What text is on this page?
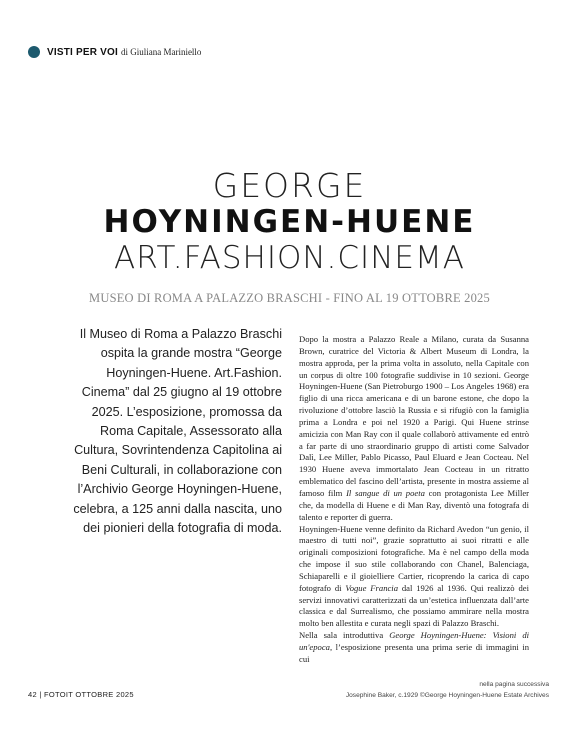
VISTI PER VOI di Giuliana Mariniello
GEORGE
HOYNINGEN-HUENE
ART.FASHION.CINEMA
MUSEO DI ROMA A PALAZZO BRASCHI - FINO AL 19 OTTOBRE 2025
Il Museo di Roma a Palazzo Braschi ospita la grande mostra “George Hoyningen-Huene. Art.Fashion. Cinema” dal 25 giugno al 19 ottobre 2025. L’esposizione, promossa da Roma Capitale, Assessorato alla Cultura, Sovrintendenza Capitolina ai Beni Culturali, in collaborazione con l’Archivio George Hoyningen-Huene, celebra, a 125 anni dalla nascita, uno dei pionieri della fotografia di moda.

Dopo la mostra a Palazzo Reale a Milano, curata da Susanna Brown, curatrice del Victoria & Albert Museum di Londra, la mostra approda, per la prima volta in assoluto, nella Capitale con un corpus di oltre 100 fotografie suddivise in 10 sezioni. George Hoyningen-Huene (San Pietroburgo 1900 – Los Angeles 1968) era figlio di una ricca americana e di un barone estone, che dopo la rivoluzione d’ottobre lasciò la Russia e si rifugiò con la famiglia prima a Londra e poi nel 1920 a Parigi. Qui Huene strinse amicizia con Man Ray con il quale collaborò attivamente ed entrò a far parte di uno straordinario gruppo di artisti come Salvador Dalì, Lee Miller, Pablo Picasso, Paul Eluard e Jean Cocteau. Nel 1930 Huene aveva immortalato Jean Cocteau in un ritratto emblematico del fascino dell’artista, presente in mostra assieme al famoso film Il sangue di un poeta con protagonista Lee Miller che, da modella di Huene e di Man Ray, diventò una fotografa di talento e reporter di guerra.

Hoyningen-Huene venne definito da Richard Avedon “un genio, il maestro di tutti noi”, grazie soprattutto ai suoi ritratti e alle originali composizioni fotografiche. Ma è nel campo della moda che impose il suo stile collaborando con Chanel, Balenciaga, Schiaparelli e il gioielliere Cartier, ricoprendo la carica di capo fotografo di Vogue Francia dal 1926 al 1936. Qui realizzò dei servizi innovativi caratterizzati da un’estetica influenzata dall’arte classica e dal Surrealismo, che possiamo ammirare nella mostra molto ben allestita e curata negli spazi di Palazzo Braschi.

Nella sala introduttiva George Hoyningen-Huene: Visioni di un'epoca, l’esposizione presenta una prima serie di immagini in cui

42 | FOTOIT OTTOBRE 2025
nella pagina successiva
Josephine Baker, c.1929 ©George Hoyningen-Huene Estate Archives
